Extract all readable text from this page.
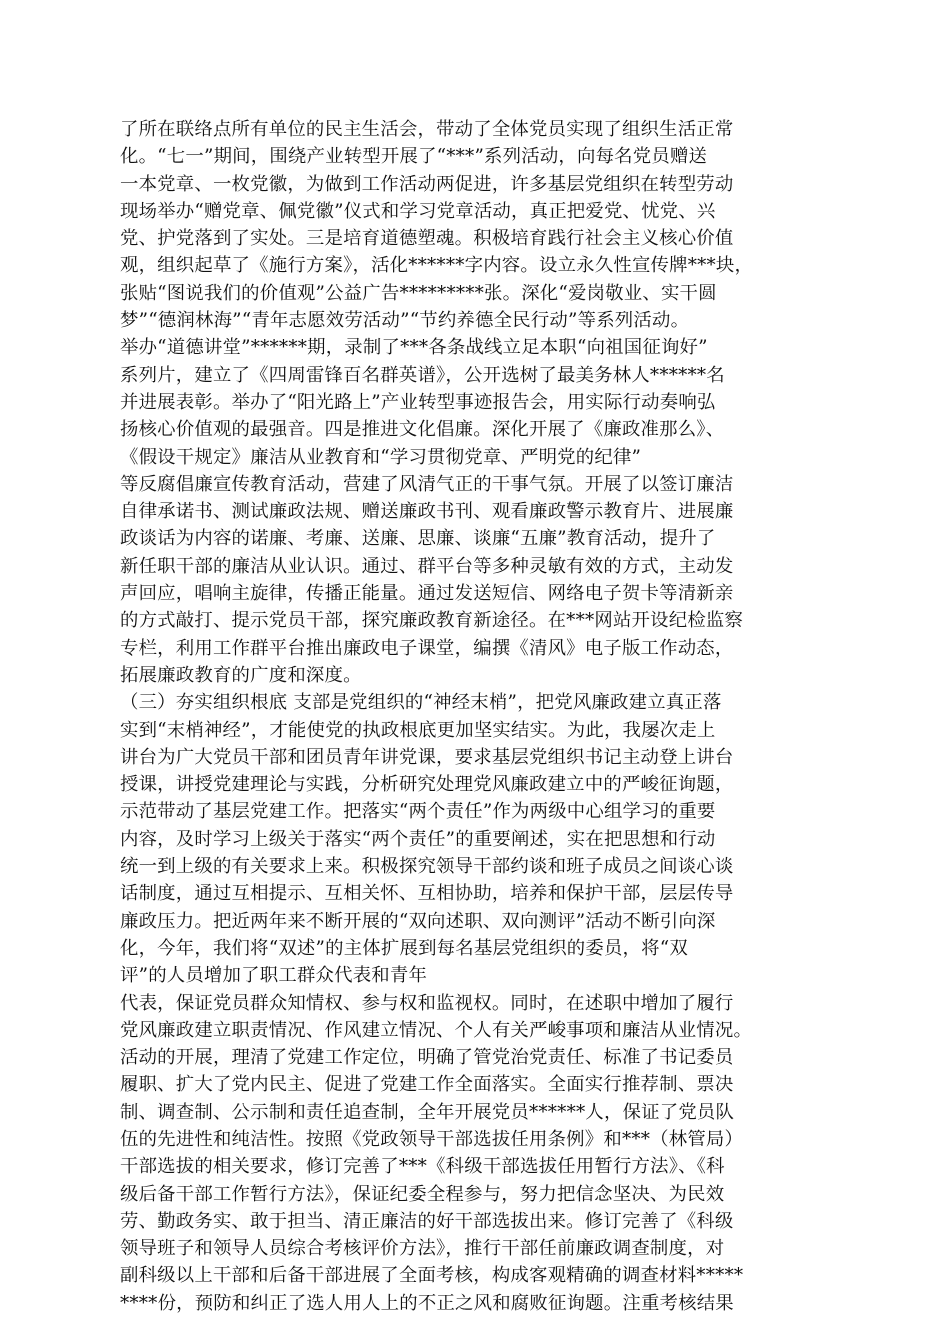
了所在联络点所有单位的民主生活会，带动了全体党员实现了组织生活正常
化。“七一”期间，围绕产业转型开展了“***”系列活动，向每名党员赠送
一本党章、一枚党徽，为做到工作活动两促进，许多基层党组织在转型劳动
现场举办“赠党章、佩党徽”仪式和学习党章活动，真正把爱党、忧党、兴
党、护党落到了实处。三是培育道德塑魂。积极培育践行社会主义核心价值
观，组织起草了《施行方案》，活化******字内容。设立永久性宣传牌***块，
张贴“图说我们的价值观”公益广告*********张。深化“爱岗敬业、实干圆
梦”“德润林海”“青年志愿效劳活动”“节约养德全民行动”等系列活动。
举办“道德讲堂”******期，录制了***各条战线立足本职“向祖国征询好”
系列片，建立了《四周雷锋百名群英谱》，公开选树了最美务林人******名
并进展表彰。举办了“阳光路上”产业转型事迹报告会，用实际行动奏响弘
扬核心价值观的最强音。四是推进文化倡廉。深化开展了《廉政准那么》、
《假设干规定》廉洁从业教育和“学习贯彻党章、严明党的纪律”
等反腐倡廉宣传教育活动，营建了风清气正的干事气氛。开展了以签订廉洁
自律承诺书、测试廉政法规、赠送廉政书刊、观看廉政警示教育片、进展廉
政谈话为内容的诺廉、考廉、送廉、思廉、谈廉“五廉”教育活动，提升了
新任职干部的廉洁从业认识。通过、群平台等多种灵敏有效的方式，主动发
声回应，唱响主旋律，传播正能量。通过发送短信、网络电子贺卡等清新亲
的方式敲打、提示党员干部，探究廉政教育新途径。在***网站开设纪检监察
专栏，利用工作群平台推出廉政电子课堂，编撰《清风》电子版工作动态，
拓展廉政教育的广度和深度。
（三）夯实组织根底 支部是党组织的“神经末梢”，把党风廉政建立真正落
实到“末梢神经”，才能使党的执政根底更加坚实结实。为此，我屡次走上
讲台为广大党员干部和团员青年讲党课，要求基层党组织书记主动登上讲台
授课，讲授党建理论与实践，分析研究处理党风廉政建立中的严峻征询题，
示范带动了基层党建工作。把落实“两个责任”作为两级中心组学习的重要
内容，及时学习上级关于落实“两个责任”的重要阐述，实在把思想和行动
统一到上级的有关要求上来。积极探究领导干部约谈和班子成员之间谈心谈
话制度，通过互相提示、互相关怀、互相协助，培养和保护干部，层层传导
廉政压力。把近两年来不断开展的“双向述职、双向测评”活动不断引向深
化，今年，我们将“双述”的主体扩展到每名基层党组织的委员，将“双
评”的人员增加了职工群众代表和青年
代表，保证党员群众知情权、参与权和监视权。同时，在述职中增加了履行
党风廉政建立职责情况、作风建立情况、个人有关严峻事项和廉洁从业情况。
活动的开展，理清了党建工作定位，明确了管党治党责任、标准了书记委员
履职、扩大了党内民主、促进了党建工作全面落实。全面实行推荐制、票决
制、调查制、公示制和责任追查制，全年开展党员******人，保证了党员队
伍的先进性和纯洁性。按照《党政领导干部选拔任用条例》和***（林管局）
干部选拔的相关要求，修订完善了***《科级干部选拔任用暂行方法》、《科
级后备干部工作暂行方法》，保证纪委全程参与，努力把信念坚决、为民效
劳、勤政务实、敢于担当、清正廉洁的好干部选拔出来。修订完善了《科级
领导班子和领导人员综合考核评价方法》，推行干部任前廉政调查制度，对
副科级以上干部和后备干部进展了全面考核，构成客观精确的调查材料*****
****份，预防和纠正了选人用人上的不正之风和腐败征询题。注重考核结果
